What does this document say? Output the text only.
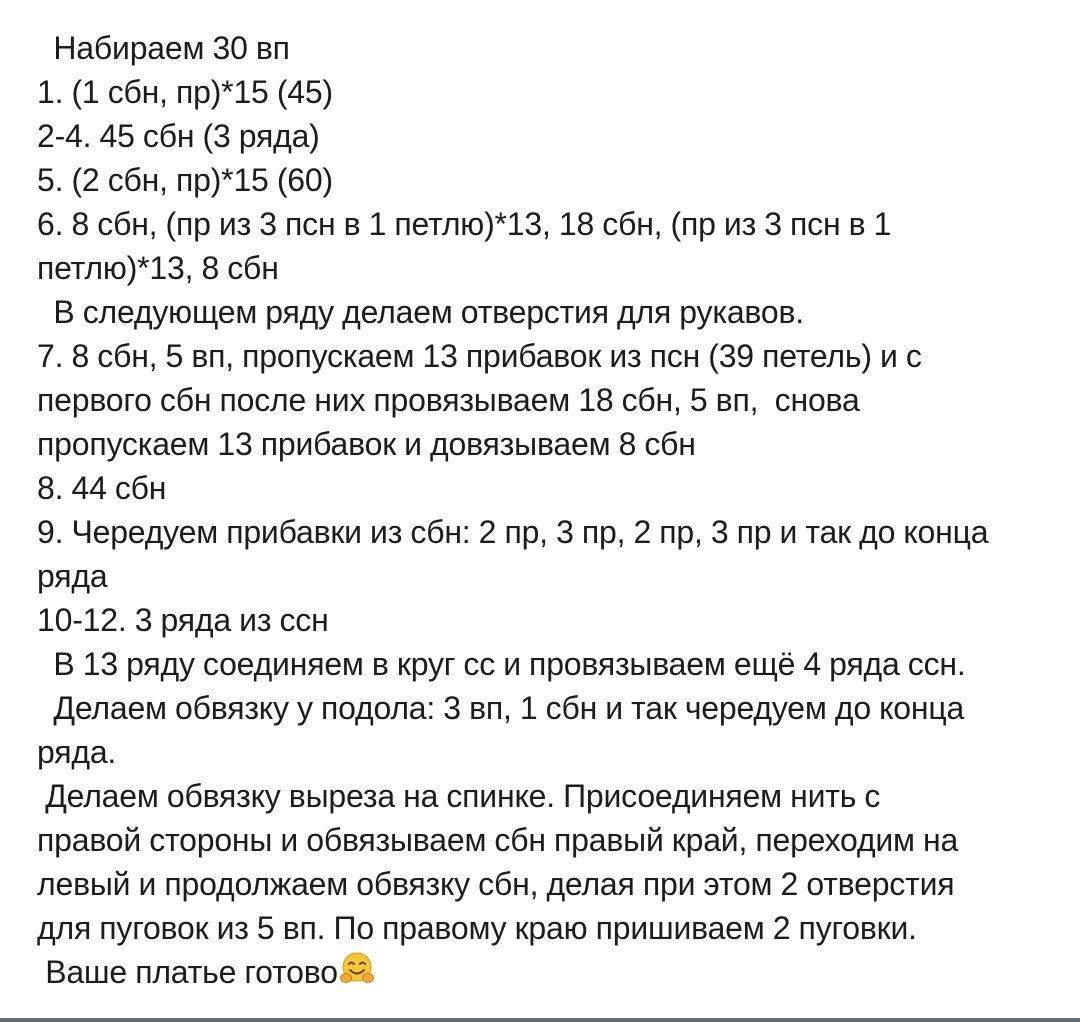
Набираем 30 вп
1. (1 сбн, пр)*15 (45)
2-4. 45 сбн (3 ряда)
5. (2 сбн, пр)*15 (60)
6. 8 сбн, (пр из 3 псн в 1 петлю)*13, 18 сбн, (пр из 3 псн в 1
петлю)*13, 8 сбн
В следующем ряду делаем отверстия для рукавов.
7. 8 сбн, 5 вп, пропускаем 13 прибавок из псн (39 петель) и с
первого сбн после них провязываем 18 сбн, 5 вп,  снова
пропускаем 13 прибавок и довязываем 8 сбн
8. 44 сбн
9. Чередуем прибавки из сбн: 2 пр, 3 пр, 2 пр, 3 пр и так до конца
ряда
10-12. 3 ряда из ссн
В 13 ряду соединяем в круг сс и провязываем ещё 4 ряда ссн.
Делаем обвязку у подола: 3 вп, 1 сбн и так чередуем до конца
ряда.
Делаем обвязку выреза на спинке. Присоединяем нить с
правой стороны и обвязываем сбн правый край, переходим на
левый и продолжаем обвязку сбн, делая при этом 2 отверстия
для пуговок из 5 вп. По правому краю пришиваем 2 пуговки.
Ваше платье готово
